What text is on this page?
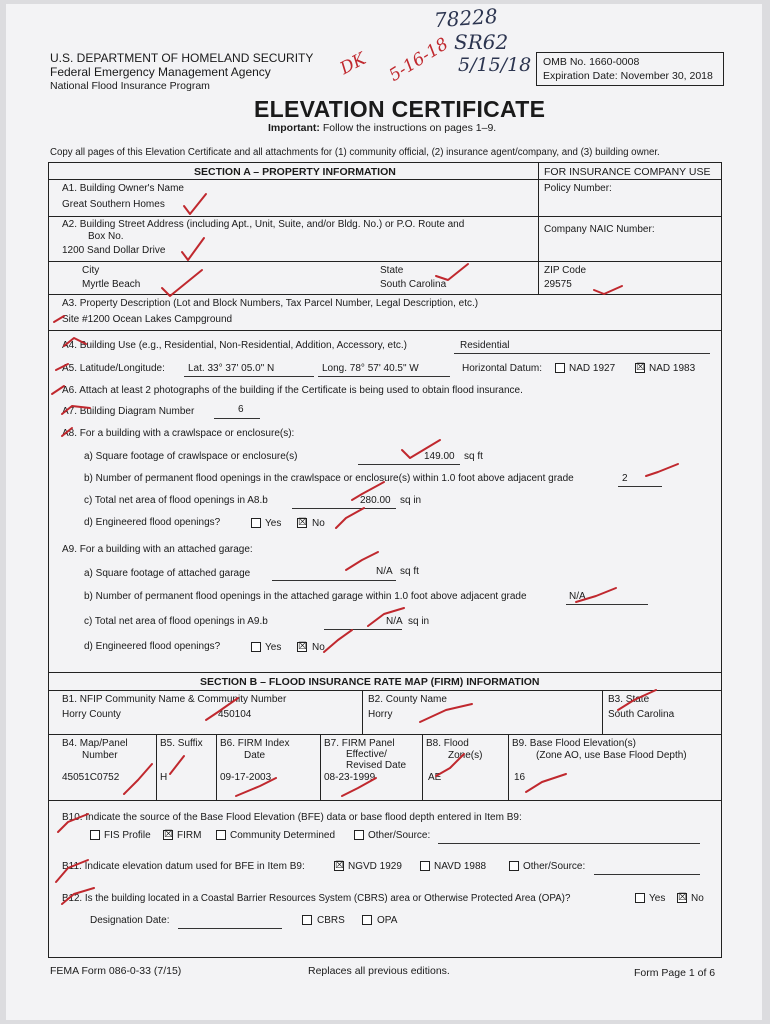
78228
SR62
5/15/18
DK 5-16-18
U.S. DEPARTMENT OF HOMELAND SECURITY
Federal Emergency Management Agency
National Flood Insurance Program
OMB No. 1660-0008
Expiration Date: November 30, 2018
ELEVATION CERTIFICATE
Important: Follow the instructions on pages 1–9.
Copy all pages of this Elevation Certificate and all attachments for (1) community official, (2) insurance agent/company, and (3) building owner.
SECTION A – PROPERTY INFORMATION	FOR INSURANCE COMPANY USE
A1. Building Owner's Name
Great Southern Homes
Policy Number:
A2. Building Street Address (including Apt., Unit, Suite, and/or Bldg. No.) or P.O. Route and
Box No.
1200 Sand Dollar Drive
Company NAIC Number:
City
Myrtle Beach
State
South Carolina
ZIP Code
29575
A3. Property Description (Lot and Block Numbers, Tax Parcel Number, Legal Description, etc.)
Site #1200 Ocean Lakes Campground
A4. Building Use (e.g., Residential, Non-Residential, Addition, Accessory, etc.)	Residential
A5. Latitude/Longitude: Lat. 33° 37' 05.0" N	Long. 78° 57' 40.5" W	Horizontal Datum:	NAD 1927 ☒ NAD 1983
A6. Attach at least 2 photographs of the building if the Certificate is being used to obtain flood insurance.
A7. Building Diagram Number	6
A8. For a building with a crawlspace or enclosure(s):
a) Square footage of crawlspace or enclosure(s)	149.00 sq ft
b) Number of permanent flood openings in the crawlspace or enclosure(s) within 1.0 foot above adjacent grade	2
c) Total net area of flood openings in A8.b	280.00 sq in
d) Engineered flood openings?	Yes ☒ No
A9. For a building with an attached garage:
a) Square footage of attached garage	N/A sq ft
b) Number of permanent flood openings in the attached garage within 1.0 foot above adjacent grade	N/A
c) Total net area of flood openings in A9.b	N/A sq in
d) Engineered flood openings?	Yes ☒ No
SECTION B – FLOOD INSURANCE RATE MAP (FIRM) INFORMATION
B1. NFIP Community Name & Community Number
Horry County	450104
B2. County Name
Horry
B3. State
South Carolina
B4. Map/Panel
Number
45051C0752
B5. Suffix
H
B6. FIRM Index
Date
09-17-2003
B7. FIRM Panel
Effective/
Revised Date
08-23-1999
B8. Flood
Zone(s)
AE
B9. Base Flood Elevation(s)
(Zone AO, use Base Flood Depth)
16
B10. Indicate the source of the Base Flood Elevation (BFE) data or base flood depth entered in Item B9:
FIS Profile ☒ FIRM	Community Determined	Other/Source:
B11. Indicate elevation datum used for BFE in Item B9:	☒ NGVD 1929	NAVD 1988	Other/Source:
B12. Is the building located in a Coastal Barrier Resources System (CBRS) area or Otherwise Protected Area (OPA)?	Yes ☒ No
Designation Date:	CBRS	OPA
FEMA Form 086-0-33 (7/15)	Replaces all previous editions.	Form Page 1 of 6
